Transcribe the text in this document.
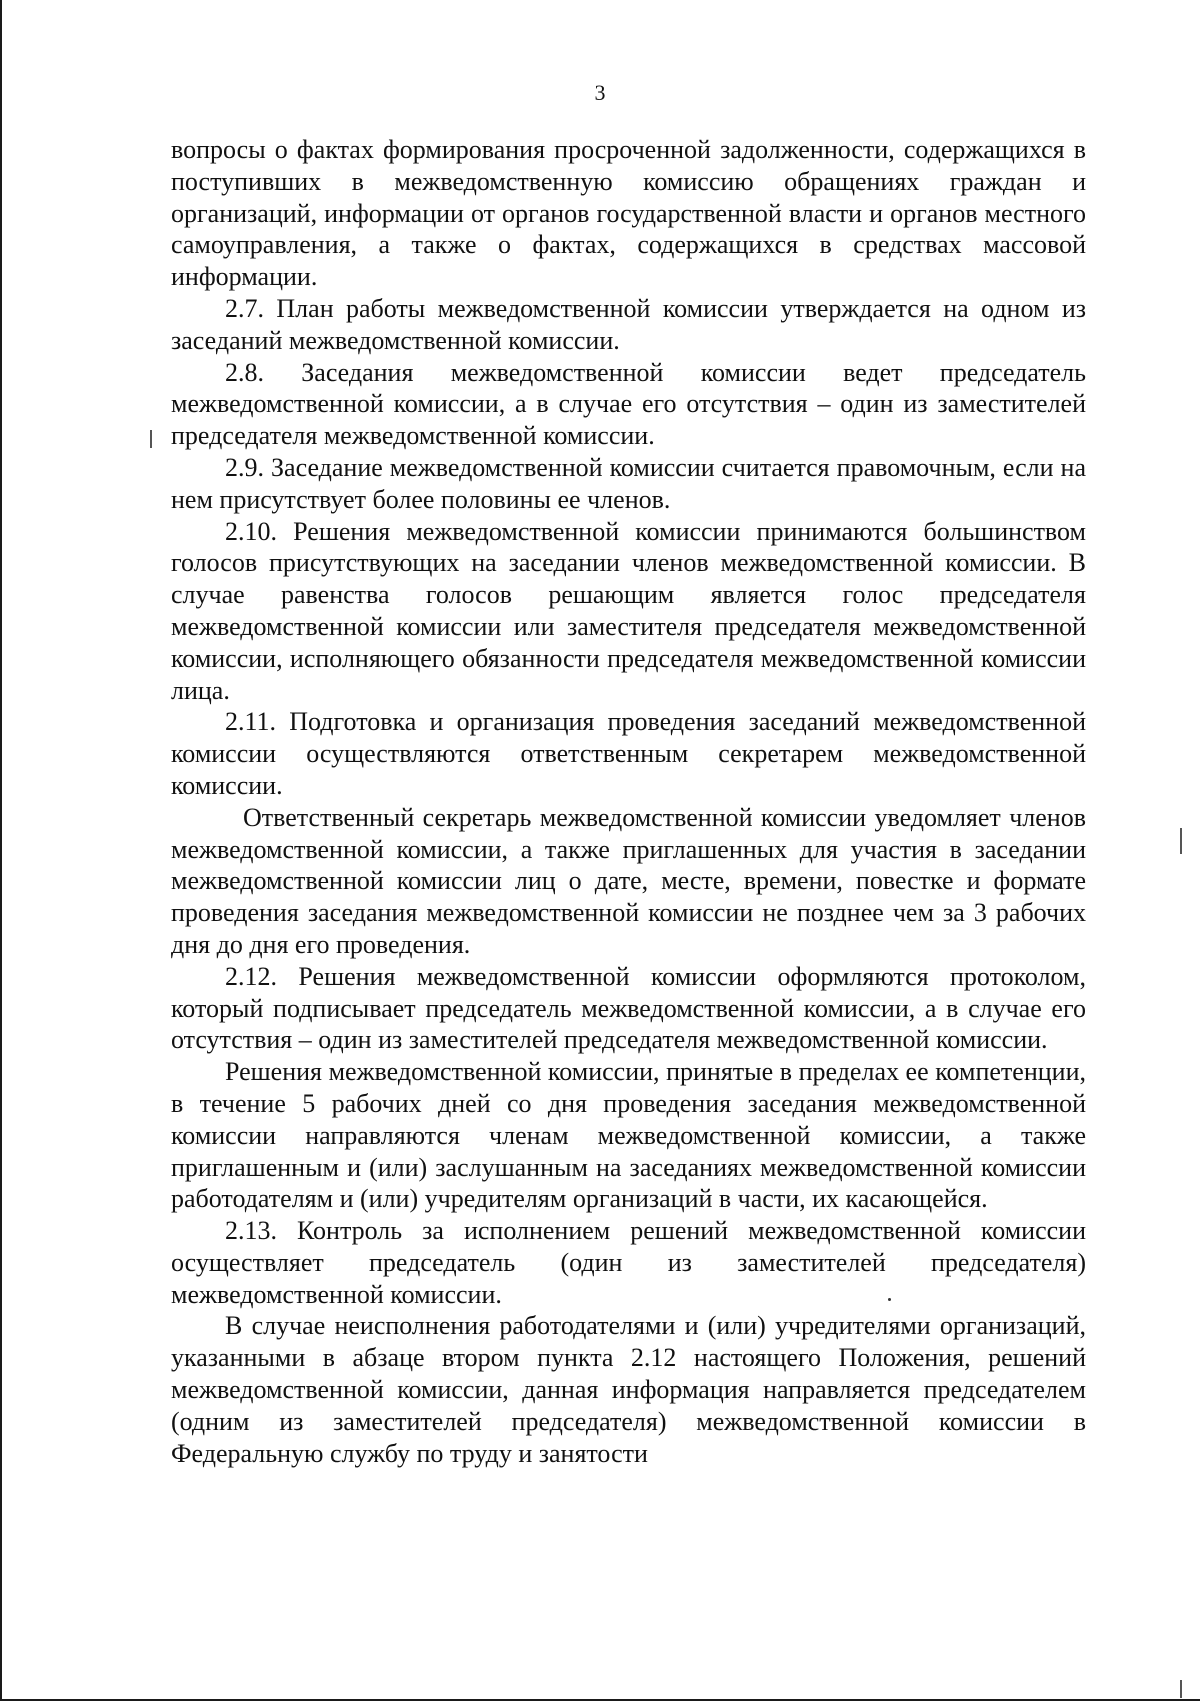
3

вопросы о фактах формирования просроченной задолженности, содержащихся в поступивших в межведомственную комиссию обращениях граждан и организаций, информации от органов государственной власти и органов местного самоуправления, а также о фактах, содержащихся в средствах массовой информации.

2.7. План работы межведомственной комиссии утверждается на одном из заседаний межведомственной комиссии.

2.8. Заседания межведомственной комиссии ведет председатель межведомственной комиссии, а в случае его отсутствия – один из заместителей председателя межведомственной комиссии.

2.9. Заседание межведомственной комиссии считается правомочным, если на нем присутствует более половины ее членов.

2.10. Решения межведомственной комиссии принимаются большинством голосов присутствующих на заседании членов межведомственной комиссии. В случае равенства голосов решающим является голос председателя межведомственной комиссии или заместителя председателя межведомственной комиссии, исполняющего обязанности председателя межведомственной комиссии лица.

2.11. Подготовка и организация проведения заседаний межведомственной комиссии осуществляются ответственным секретарем межведомственной комиссии.

Ответственный секретарь межведомственной комиссии уведомляет членов межведомственной комиссии, а также приглашенных для участия в заседании межведомственной комиссии лиц о дате, месте, времени, повестке и формате проведения заседания межведомственной комиссии не позднее чем за 3 рабочих дня до дня его проведения.

2.12. Решения межведомственной комиссии оформляются протоколом, который подписывает председатель межведомственной комиссии, а в случае его отсутствия – один из заместителей председателя межведомственной комиссии.

Решения межведомственной комиссии, принятые в пределах ее компетенции, в течение 5 рабочих дней со дня проведения заседания межведомственной комиссии направляются членам межведомственной комиссии, а также приглашенным и (или) заслушанным на заседаниях межведомственной комиссии работодателям и (или) учредителям организаций в части, их касающейся.

2.13. Контроль за исполнением решений межведомственной комиссии осуществляет председатель (один из заместителей председателя) межведомственной комиссии.

В случае неисполнения работодателями и (или) учредителями организаций, указанными в абзаце втором пункта 2.12 настоящего Положения, решений межведомственной комиссии, данная информация направляется председателем (одним из заместителей председателя) межведомственной комиссии в Федеральную службу по труду и занятости
